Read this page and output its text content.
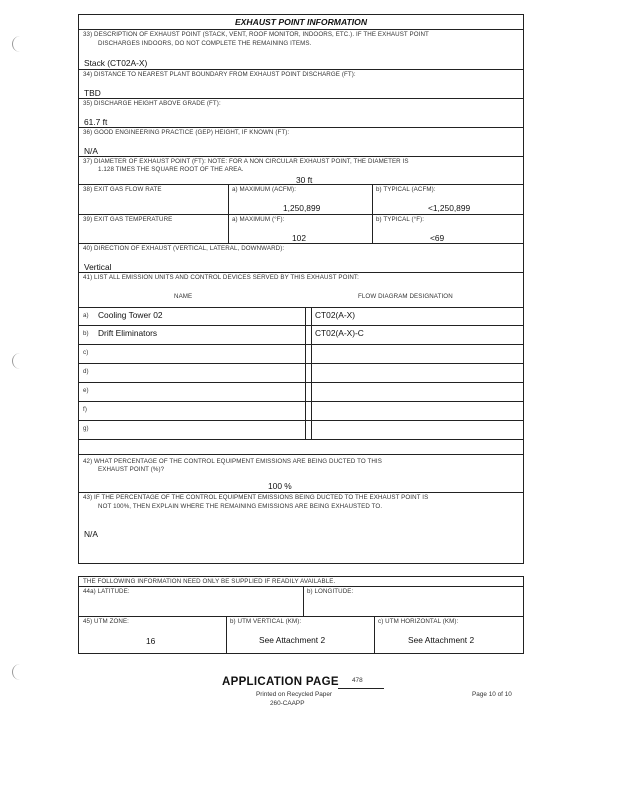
EXHAUST POINT INFORMATION
33) DESCRIPTION OF EXHAUST POINT (STACK, VENT, ROOF MONITOR, INDOORS, ETC.). IF THE EXHAUST POINT
DISCHARGES INDOORS, DO NOT COMPLETE THE REMAINING ITEMS.
Stack (CT02A-X)
34) DISTANCE TO NEAREST PLANT BOUNDARY FROM EXHAUST POINT DISCHARGE (FT):
TBD
35) DISCHARGE HEIGHT ABOVE GRADE (FT):
61.7 ft
36) GOOD ENGINEERING PRACTICE (GEP) HEIGHT, IF KNOWN (FT):
N/A
37) DIAMETER OF EXHAUST POINT (FT): NOTE: FOR A NON CIRCULAR EXHAUST POINT, THE DIAMETER IS
1.128 TIMES THE SQUARE ROOT OF THE AREA.
30 ft
38) EXIT GAS FLOW RATE	a) MAXIMUM (ACFM):
1,250,899
b) TYPICAL (ACFM):
<1,250,899
39) EXIT GAS TEMPERATURE	a) MAXIMUM (°F):
102
b) TYPICAL (°F):
<69
40) DIRECTION OF EXHAUST (VERTICAL, LATERAL, DOWNWARD):
Vertical
41) LIST ALL EMISSION UNITS AND CONTROL DEVICES SERVED BY THIS EXHAUST POINT:
NAME	FLOW DIAGRAM DESIGNATION
a) Cooling Tower 02	CT02(A-X)
b) Drift Eliminators	CT02(A-X)-C
c)
d)
e)
f)
g)
42) WHAT PERCENTAGE OF THE CONTROL EQUIPMENT EMISSIONS ARE BEING DUCTED TO THIS
EXHAUST POINT (%)?
100 %
43) IF THE PERCENTAGE OF THE CONTROL EQUIPMENT EMISSIONS BEING DUCTED TO THE EXHAUST POINT IS
NOT 100%, THEN EXPLAIN WHERE THE REMAINING EMISSIONS ARE BEING EXHAUSTED TO.
N/A
THE FOLLOWING INFORMATION NEED ONLY BE SUPPLIED IF READILY AVAILABLE.
44a) LATITUDE:	b) LONGITUDE:
45) UTM ZONE:
16
b) UTM VERTICAL (KM):
See Attachment 2
c) UTM HORIZONTAL (KM):
See Attachment 2
APPLICATION PAGE 478
Printed on Recycled Paper
260-CAAPP
Page 10 of 10
